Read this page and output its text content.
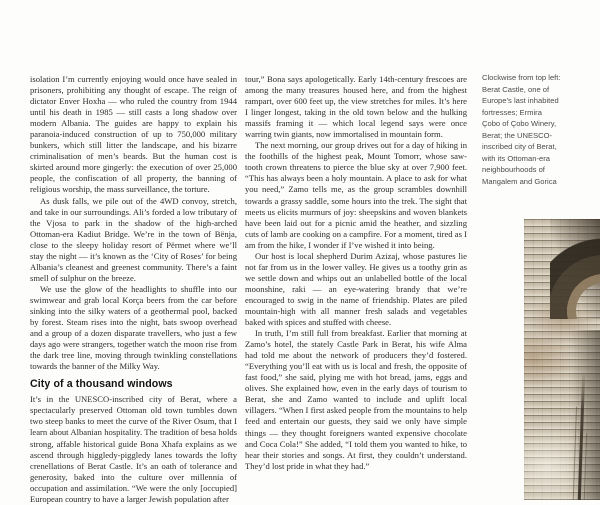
isolation I’m currently enjoying would once have sealed in prisoners, prohibiting any thought of escape. The reign of dictator Enver Hoxha — who ruled the country from 1944 until his death in 1985 — still casts a long shadow over modern Albania. The guides are happy to explain his paranoia-induced construction of up to 750,000 military bunkers, which still litter the landscape, and his bizarre criminalisation of men’s beards. But the human cost is skirted around more gingerly: the execution of over 25,000 people, the confiscation of all property, the banning of religious worship, the mass surveillance, the torture.

As dusk falls, we pile out of the 4WD convoy, stretch, and take in our surroundings. Ali’s forded a low tributary of the Vjosa to park in the shadow of the high-arched Ottoman-era Kadiut Bridge. We’re in the town of Bënja, close to the sleepy holiday resort of Përmet where we’ll stay the night — it’s known as the ‘City of Roses’ for being Albania’s cleanest and greenest community. There’s a faint smell of sulphur on the breeze.

We use the glow of the headlights to shuffle into our swimwear and grab local Korça beers from the car before sinking into the silky waters of a geothermal pool, backed by forest. Steam rises into the night, bats swoop overhead and a group of a dozen disparate travellers, who just a few days ago were strangers, together watch the moon rise from the dark tree line, moving through twinkling constellations towards the banner of the Milky Way.

City of a thousand windows

It’s in the UNESCO-inscribed city of Berat, where a spectacularly preserved Ottoman old town tumbles down two steep banks to meet the curve of the River Osum, that I learn about Albanian hospitality. The tradition of besa holds strong, affable historical guide Bona Xhafa explains as we ascend through higgledy-piggledy lanes towards the lofty crenellations of Berat Castle. It’s an oath of tolerance and generosity, baked into the culture over millennia of occupation and assimilation. “We were the only [occupied] European country to have a larger Jewish population after

tour,” Bona says apologetically. Early 14th-century frescoes are among the many treasures housed here, and from the highest rampart, over 600 feet up, the view stretches for miles. It’s here I linger longest, taking in the old town below and the hulking massifs framing it — which local legend says were once warring twin giants, now immortalised in mountain form.

The next morning, our group drives out for a day of hiking in the foothills of the highest peak, Mount Tomorr, whose saw-tooth crown threatens to pierce the blue sky at over 7,900 feet. “This has always been a holy mountain. A place to ask for what you need,” Zamo tells me, as the group scrambles downhill towards a grassy saddle, some hours into the trek. The sight that meets us elicits murmurs of joy: sheepskins and woven blankets have been laid out for a picnic amid the heather, and sizzling cuts of lamb are cooking on a campfire. For a moment, tired as I am from the hike, I wonder if I’ve wished it into being.

Our host is local shepherd Durim Azizaj, whose pastures lie not far from us in the lower valley. He gives us a toothy grin as we settle down and whips out an unlabelled bottle of the local moonshine, raki — an eye-watering brandy that we’re encouraged to swig in the name of friendship. Plates are piled mountain-high with all manner fresh salads and vegetables baked with spices and stuffed with cheese.

In truth, I’m still full from breakfast. Earlier that morning at Zamo’s hotel, the stately Castle Park in Berat, his wife Alma had told me about the network of producers they’d fostered. “Everything you’ll eat with us is local and fresh, the opposite of fast food,” she said, plying me with hot bread, jams, eggs and olives. She explained how, even in the early days of tourism to Berat, she and Zamo wanted to include and uplift local villagers. “When I first asked people from the mountains to help feed and entertain our guests, they said we only have simple things — they thought foreigners wanted expensive chocolate and Coca Cola!” She added, “I told them you wanted to hike, to hear their stories and songs. At first, they couldn’t understand. They’d lost pride in what they had.”

Clockwise from top left:
Berat Castle, one of
Europe’s last inhabited
fortresses; Ermira
Çobo of Çobo Winery,
Berat; the UNESCO-
inscribed city of Berat,
with its Ottoman-era
neighbourhoods of
Mangalem and Gorica
